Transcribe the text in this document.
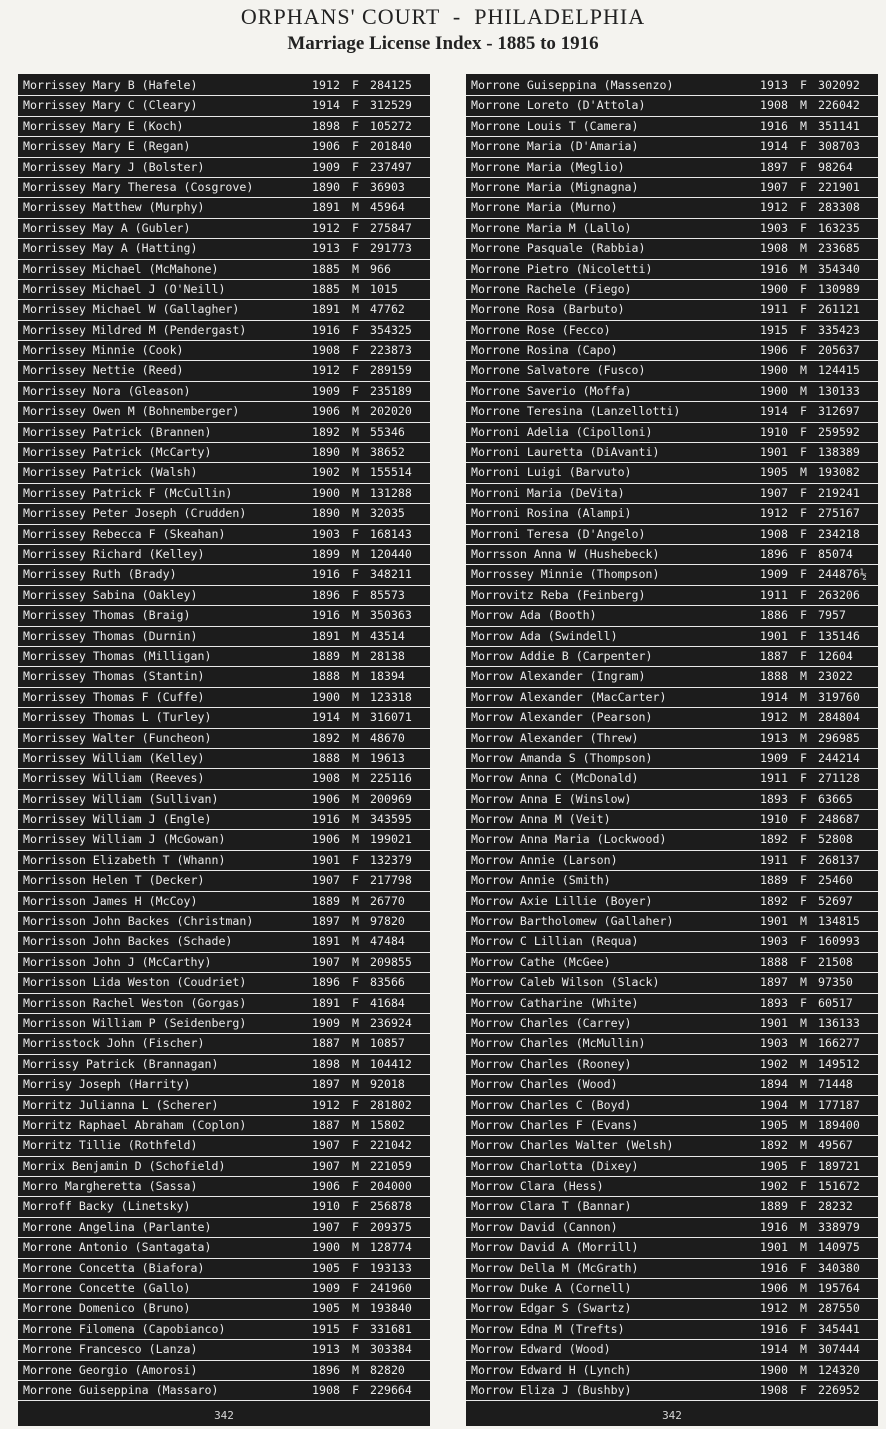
ORPHANS' COURT  -  PHILADELPHIA
Marriage License Index - 1885 to 1916
Morrissey Mary B (Hafele)	1912 F 284125
Morrissey Mary C (Cleary)	1914 F 312529
Morrissey Mary E (Koch)	1898 F 105272
Morrissey Mary E (Regan)	1906 F 201840
Morrissey Mary J (Bolster)	1909 F 237497
Morrissey Mary Theresa (Cosgrove)	1890 F 36903
Morrissey Matthew (Murphy)	1891 M 45964
Morrissey May A (Gubler)	1912 F 275847
Morrissey May A (Hatting)	1913 F 291773
Morrissey Michael (McMahone)	1885 M 966
Morrissey Michael J (O'Neill)	1885 M 1015
Morrissey Michael W (Gallagher)	1891 M 47762
Morrissey Mildred M (Pendergast)	1916 F 354325
Morrissey Minnie (Cook)	1908 F 223873
Morrissey Nettie (Reed)	1912 F 289159
Morrissey Nora (Gleason)	1909 F 235189
Morrissey Owen M (Bohnemberger)	1906 M 202020
Morrissey Patrick (Brannen)	1892 M 55346
Morrissey Patrick (McCarty)	1890 M 38652
Morrissey Patrick (Walsh)	1902 M 155514
Morrissey Patrick F (McCullin)	1900 M 131288
Morrissey Peter Joseph (Crudden)	1890 M 32035
Morrissey Rebecca F (Skeahan)	1903 F 168143
Morrissey Richard (Kelley)	1899 M 120440
Morrissey Ruth (Brady)	1916 F 348211
Morrissey Sabina (Oakley)	1896 F 85573
Morrissey Thomas (Braig)	1916 M 350363
Morrissey Thomas (Durnin)	1891 M 43514
Morrissey Thomas (Milligan)	1889 M 28138
Morrissey Thomas (Stantin)	1888 M 18394
Morrissey Thomas F (Cuffe)	1900 M 123318
Morrissey Thomas L (Turley)	1914 M 316071
Morrissey Walter (Funcheon)	1892 M 48670
Morrissey William (Kelley)	1888 M 19613
Morrissey William (Reeves)	1908 M 225116
Morrissey William (Sullivan)	1906 M 200969
Morrissey William J (Engle)	1916 M 343595
Morrissey William J (McGowan)	1906 M 199021
Morrisson Elizabeth T (Whann)	1901 F 132379
Morrisson Helen T (Decker)	1907 F 217798
Morrisson James H (McCoy)	1889 M 26770
Morrisson John Backes (Christman)	1897 M 97820
Morrisson John Backes (Schade)	1891 M 47484
Morrisson John J (McCarthy)	1907 M 209855
Morrisson Lida Weston (Coudriet)	1896 F 83566
Morrisson Rachel Weston (Gorgas)	1891 F 41684
Morrisson William P (Seidenberg)	1909 M 236924
Morrisstock John (Fischer)	1887 M 10857
Morrissy Patrick (Brannagan)	1898 M 104412
Morrisy Joseph (Harrity)	1897 M 92018
Morritz Julianna L (Scherer)	1912 F 281802
Morritz Raphael Abraham (Coplon)	1887 M 15802
Morritz Tillie (Rothfeld)	1907 F 221042
Morrix Benjamin D (Schofield)	1907 M 221059
Morro Margheretta (Sassa)	1906 F 204000
Morroff Backy (Linetsky)	1910 F 256878
Morrone Angelina (Parlante)	1907 F 209375
Morrone Antonio (Santagata)	1900 M 128774
Morrone Concetta (Biafora)	1905 F 193133
Morrone Concette (Gallo)	1909 F 241960
Morrone Domenico (Bruno)	1905 M 193840
Morrone Filomena (Capobianco)	1915 F 331681
Morrone Francesco (Lanza)	1913 M 303384
Morrone Georgio (Amorosi)	1896 M 82820
Morrone Guiseppina (Massaro)	1908 F 229664
342
Morrone Guiseppina (Massenzo)	1913 F 302092
Morrone Loreto (D'Attola)	1908 M 226042
Morrone Louis T (Camera)	1916 M 351141
Morrone Maria (D'Amaria)	1914 F 308703
Morrone Maria (Meglio)	1897 F 98264
Morrone Maria (Mignagna)	1907 F 221901
Morrone Maria (Murno)	1912 F 283308
Morrone Maria M (Lallo)	1903 F 163235
Morrone Pasquale (Rabbia)	1908 M 233685
Morrone Pietro (Nicoletti)	1916 M 354340
Morrone Rachele (Fiego)	1900 F 130989
Morrone Rosa (Barbuto)	1911 F 261121
Morrone Rose (Fecco)	1915 F 335423
Morrone Rosina (Capo)	1906 F 205637
Morrone Salvatore (Fusco)	1900 M 124415
Morrone Saverio (Moffa)	1900 M 130133
Morrone Teresina (Lanzellotti)	1914 F 312697
Morroni Adelia (Cipolloni)	1910 F 259592
Morroni Lauretta (DiAvanti)	1901 F 138389
Morroni Luigi (Barvuto)	1905 M 193082
Morroni Maria (DeVita)	1907 F 219241
Morroni Rosina (Alampi)	1912 F 275167
Morroni Teresa (D'Angelo)	1908 F 234218
Morrsson Anna W (Hushebeck)	1896 F 85074
Morrossey Minnie (Thompson)	1909 F 244876½
Morrovitz Reba (Feinberg)	1911 F 263206
Morrow Ada (Booth)	1886 F 7957
Morrow Ada (Swindell)	1901 F 135146
Morrow Addie B (Carpenter)	1887 F 12604
Morrow Alexander (Ingram)	1888 M 23022
Morrow Alexander (MacCarter)	1914 M 319760
Morrow Alexander (Pearson)	1912 M 284804
Morrow Alexander (Threw)	1913 M 296985
Morrow Amanda S (Thompson)	1909 F 244214
Morrow Anna C (McDonald)	1911 F 271128
Morrow Anna E (Winslow)	1893 F 63665
Morrow Anna M (Veit)	1910 F 248687
Morrow Anna Maria (Lockwood)	1892 F 52808
Morrow Annie (Larson)	1911 F 268137
Morrow Annie (Smith)	1889 F 25460
Morrow Axie Lillie (Boyer)	1892 F 52697
Morrow Bartholomew (Gallaher)	1901 M 134815
Morrow C Lillian (Requa)	1903 F 160993
Morrow Cathe (McGee)	1888 F 21508
Morrow Caleb Wilson (Slack)	1897 M 97350
Morrow Catharine (White)	1893 F 60517
Morrow Charles (Carrey)	1901 M 136133
Morrow Charles (McMullin)	1903 M 166277
Morrow Charles (Rooney)	1902 M 149512
Morrow Charles (Wood)	1894 M 71448
Morrow Charles C (Boyd)	1904 M 177187
Morrow Charles F (Evans)	1905 M 189400
Morrow Charles Walter (Welsh)	1892 M 49567
Morrow Charlotta (Dixey)	1905 F 189721
Morrow Clara (Hess)	1902 F 151672
Morrow Clara T (Bannar)	1889 F 28232
Morrow David (Cannon)	1916 M 338979
Morrow David A (Morrill)	1901 M 140975
Morrow Della M (McGrath)	1916 F 340380
Morrow Duke A (Cornell)	1906 M 195764
Morrow Edgar S (Swartz)	1912 M 287550
Morrow Edna M (Trefts)	1916 F 345441
Morrow Edward (Wood)	1914 M 307444
Morrow Edward H (Lynch)	1900 M 124320
Morrow Eliza J (Bushby)	1908 F 226952
342
